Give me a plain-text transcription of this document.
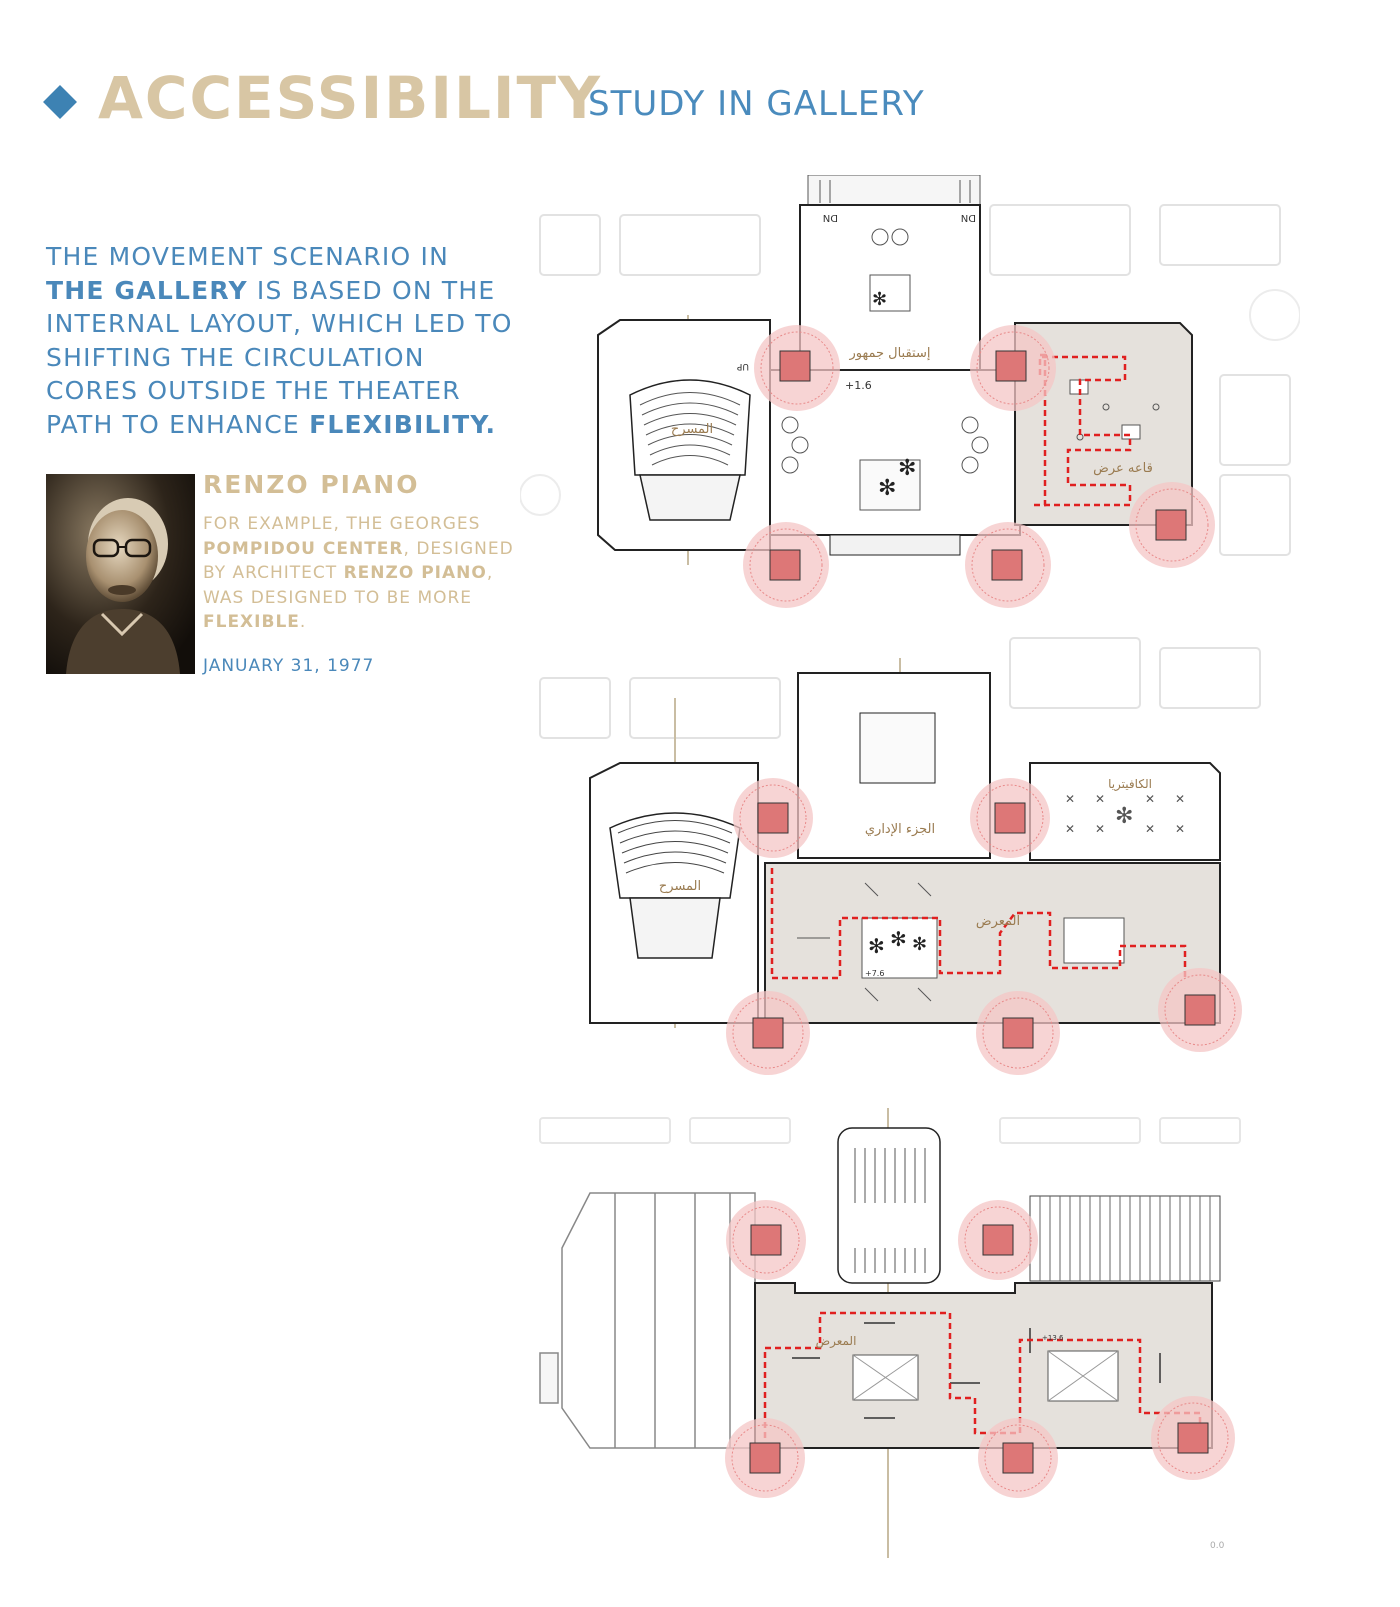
ACCESSIBILITY
STUDY IN GALLERY
THE MOVEMENT SCENARIO IN THE GALLERY IS BASED ON THE INTERNAL LAYOUT, WHICH LED TO SHIFTING THE CIRCULATION CORES OUTSIDE THE THEATER PATH TO ENHANCE FLEXIBILITY.
RENZO PIANO
FOR EXAMPLE, THE GEORGES POMPIDOU CENTER, DESIGNED BY ARCHITECT RENZO PIANO, WAS DESIGNED TO BE MORE FLEXIBLE.
JANUARY 31, 1977
المسرح
✻
✻
✻
إستقبال جمهور
+1.6
DN	DN
UP
قاعه عرض
المسرح
الجزء الإداري
✕ ✕	✕ ✕
✕ ✕	✕ ✕
✻
الكافيتريا
✻ ✻ ✻
المعرض
+7.6
المعرض	+13.6
0.0
